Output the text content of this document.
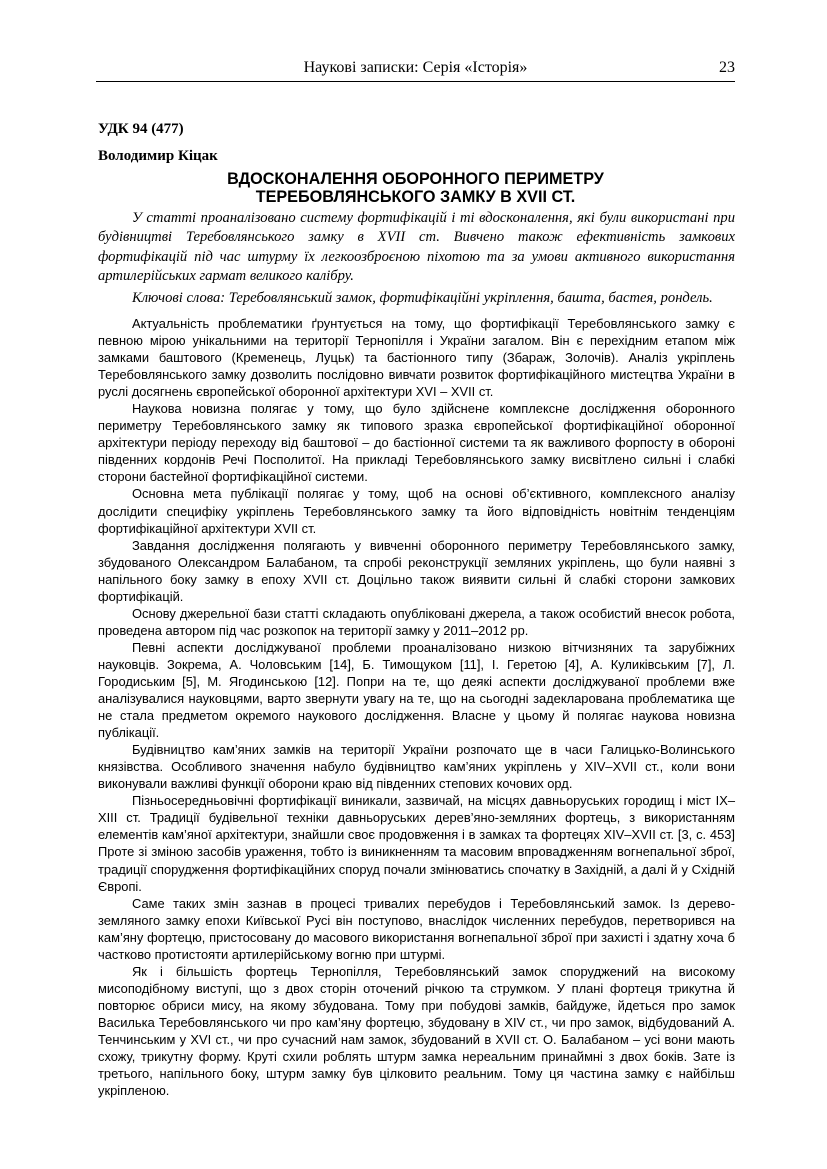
Наукові записки: Серія «Історія»	23
УДК 94 (477)
Володимир Кіцак
ВДОСКОНАЛЕННЯ ОБОРОННОГО ПЕРИМЕТРУ
ТЕРЕБОВЛЯНСЬКОГО ЗАМКУ В XVII СТ.

У статті проаналізовано систему фортифікацій і ті вдосконалення, які були використані при будівництві Теребовлянського замку в XVII ст. Вивчено також ефективність замкових фортифікацій під час штурму їх легкоозброєною піхотою та за умови активного використання артилерійських гармат великого калібру.

Ключові слова: Теребовлянський замок, фортифікаційні укріплення, башта, бастея, рондель.

Актуальність проблематики ґрунтується на тому, що фортифікації Теребовлянського замку є певною мірою унікальними на території Тернопілля і України загалом. Він є перехідним етапом між замками баштового (Кременець, Луцьк) та бастіонного типу (Збараж, Золочів). Аналіз укріплень Теребовлянського замку дозволить послідовно вивчати розвиток фортифікаційного мистецтва України в руслі досягнень європейської оборонної архітектури XVI – XVII ст.

Наукова новизна полягає у тому, що було здійснене комплексне дослідження оборонного периметру Теребовлянського замку як типового зразка європейської фортифікаційної оборонної архітектури періоду переходу від баштової – до бастіонної системи та як важливого форпосту в обороні південних кордонів Речі Посполитої. На прикладі Теребовлянського замку висвітлено сильні і слабкі сторони бастейної фортифікаційної системи.

Основна мета публікації полягає у тому, щоб на основі об’єктивного, комплексного аналізу дослідити специфіку укріплень Теребовлянського замку та його відповідність новітнім тенденціям фортифікаційної архітектури XVII ст.

Завдання дослідження полягають у вивченні оборонного периметру Теребовлянського замку, збудованого Олександром Балабаном, та спробі реконструкції земляних укріплень, що були наявні з напільного боку замку в епоху XVII ст. Доцільно також виявити сильні й слабкі сторони замкових фортифікацій.

Основу джерельної бази статті складають опубліковані джерела, а також особистий внесок робота, проведена автором під час розкопок на території замку у 2011–2012 рр.

Певні аспекти досліджуваної проблеми проаналізовано низкою вітчизняних та зарубіжних науковців. Зокрема, А. Чоловським [14], Б. Тимощуком [11], І. Геретою [4], А. Куликівським [7], Л. Городиським [5], М. Ягодинською [12]. Попри на те, що деякі аспекти досліджуваної проблеми вже аналізувалися науковцями, варто звернути увагу на те, що на сьогодні задекларована проблематика ще не стала предметом окремого наукового дослідження. Власне у цьому й полягає наукова новизна публікації.

Будівництво кам’яних замків на території України розпочато ще в часи Галицько-Волинського князівства. Особливого значення набуло будівництво кам’яних укріплень у XIV–XVII ст., коли вони виконували важливі функції оборони краю від південних степових кочових орд.

Пізньосередньовічні фортифікації виникали, зазвичай, на місцях давньоруських городищ і міст IX–XIII ст. Традиції будівельної техніки давньоруських дерев’яно-земляних фортець, з використанням елементів кам’яної архітектури, знайшли своє продовження і в замках та фортецях XIV–XVII ст. [3, с. 453] Проте зі зміною засобів ураження, тобто із виникненням та масовим впровадженням вогнепальної зброї, традиції спорудження фортифікаційних споруд почали змінюватись спочатку в Західній, а далі й у Східній Європі.

Саме таких змін зазнав в процесі тривалих перебудов і Теребовлянський замок. Із дерево-земляного замку епохи Київської Русі він поступово, внаслідок численних перебудов, перетворився на кам’яну фортецю, пристосовану до масового використання вогнепальної зброї при захисті і здатну хоча б частково протистояти артилерійському вогню при штурмі.

Як і більшість фортець Тернопілля, Теребовлянський замок споруджений на високому мисоподібному виступі, що з двох сторін оточений річкою та струмком. У плані фортеця трикутна й повторює обриси мису, на якому збудована. Тому при побудові замків, байдуже, йдеться про замок Василька Теребовлянського чи про кам’яну фортецю, збудовану в XIV ст., чи про замок, відбудований А. Тенчинським у XVI ст., чи про сучасний нам замок, збудований в XVII ст. О. Балабаном – усі вони мають схожу, трикутну форму. Круті схили роблять штурм замка нереальним принаймні з двох боків. Зате із третього, напільного боку, штурм замку був цілковито реальним. Тому ця частина замку є найбільш укріпленою.
